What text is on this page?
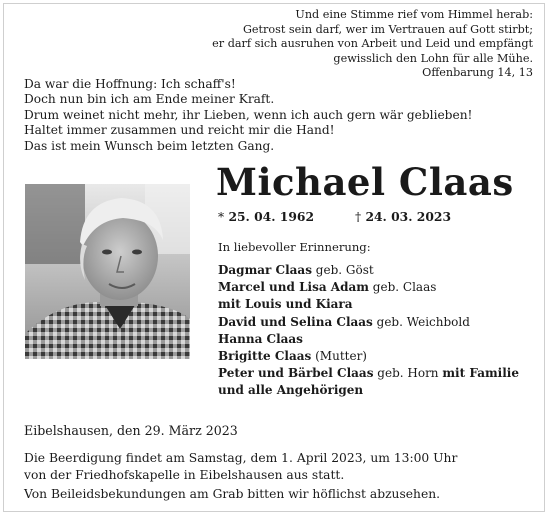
Und eine Stimme rief vom Himmel herab:
Getrost sein darf, wer im Vertrauen auf Gott stirbt;
er darf sich ausruhen von Arbeit und Leid und empfängt
gewisslich den Lohn für alle Mühe.
Offenbarung 14, 13
Da war die Hoffnung: Ich schaff's!
Doch nun bin ich am Ende meiner Kraft.
Drum weinet nicht mehr, ihr Lieben, wenn ich auch gern wär geblieben!
Haltet immer zusammen und reicht mir die Hand!
Das ist mein Wunsch beim letzten Gang.
Michael Claas
* 25. 04. 1962	† 24. 03. 2023
In liebevoller Erinnerung:
Dagmar Claas geb. Göst
Marcel und Lisa Adam geb. Claas
mit Louis und Kiara
David und Selina Claas geb. Weichbold
Hanna Claas
Brigitte Claas (Mutter)
Peter und Bärbel Claas geb. Horn mit Familie
und alle Angehörigen
Eibelshausen, den 29. März 2023
Die Beerdigung findet am Samstag, dem 1. April 2023, um 13:00 Uhr
von der Friedhofskapelle in Eibelshausen aus statt.
Von Beileidsbekundungen am Grab bitten wir höflichst abzusehen.
